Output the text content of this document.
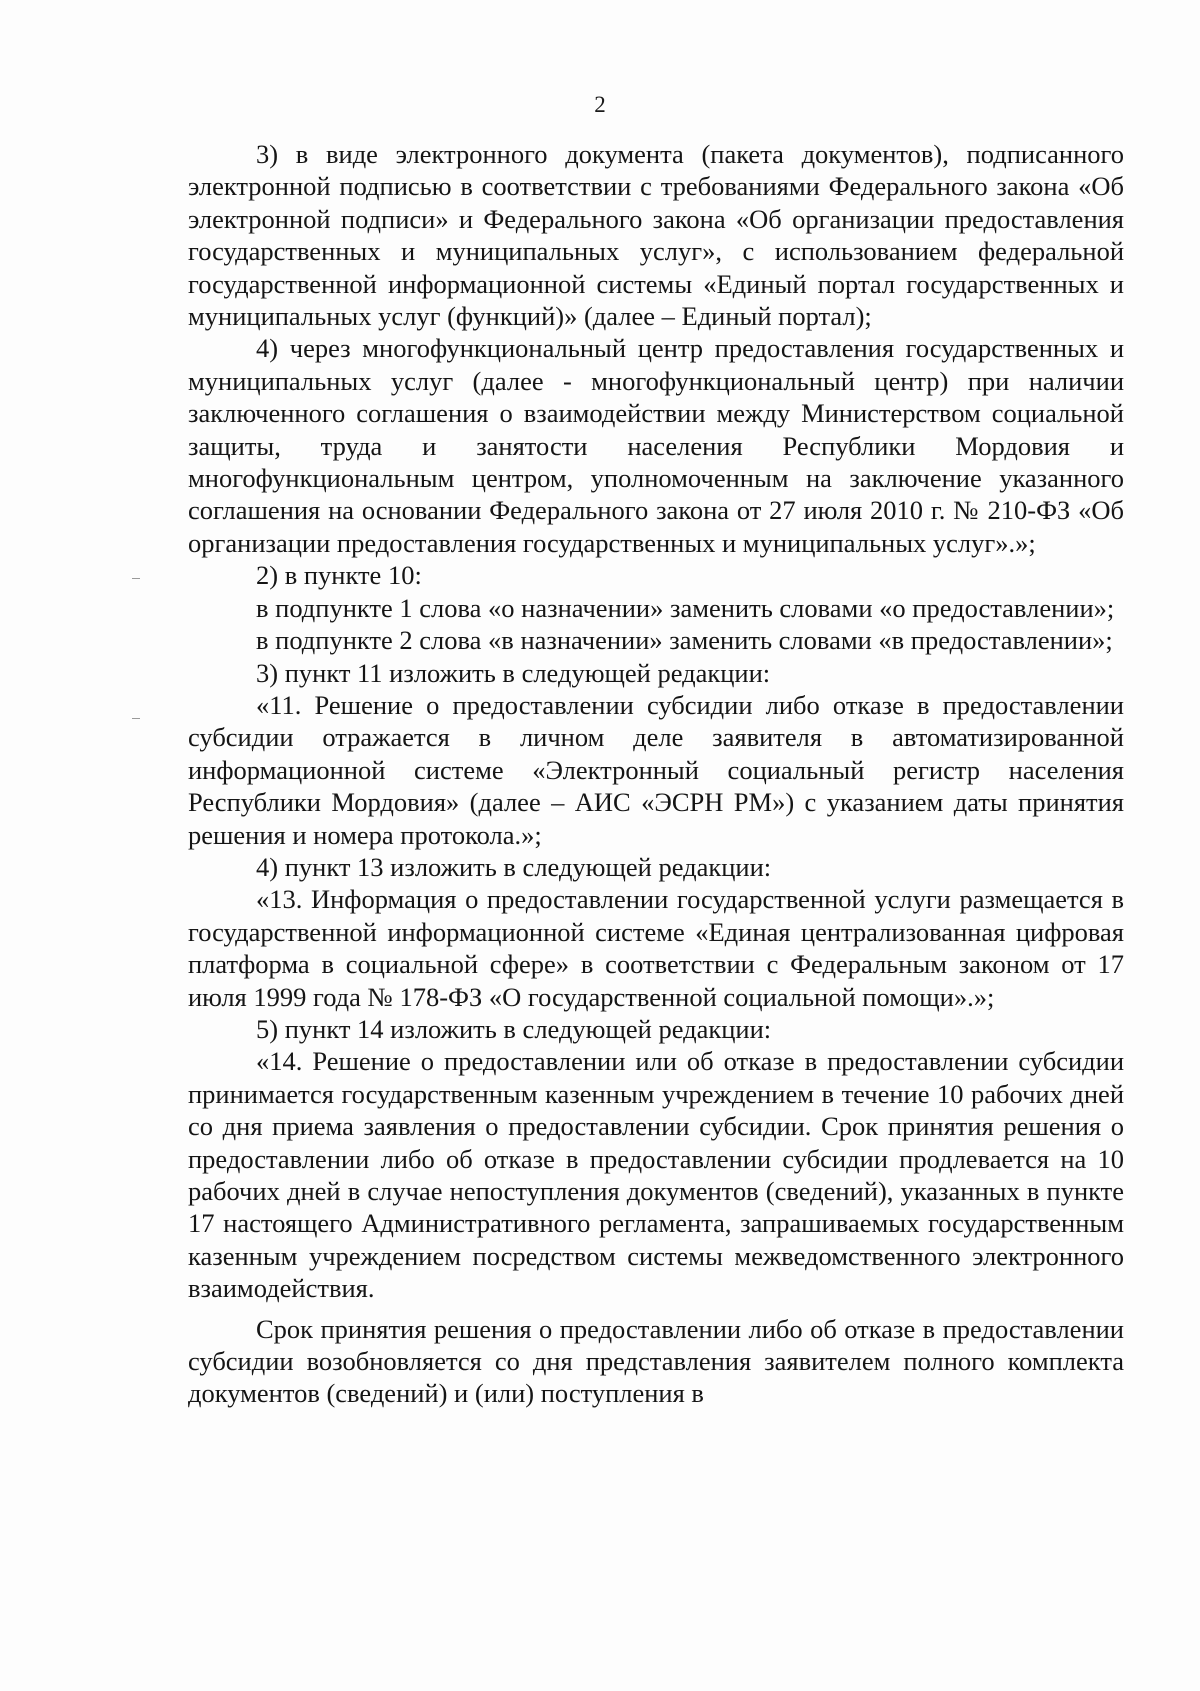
2

3) в виде электронного документа (пакета документов), подписанного электронной подписью в соответствии с требованиями Федерального закона «Об электронной подписи» и Федерального закона «Об организации предоставления государственных и муниципальных услуг», с использованием федеральной государственной информационной системы «Единый портал государственных и муниципальных услуг (функций)» (далее – Единый портал);

4) через многофункциональный центр предоставления государственных и муниципальных услуг (далее - многофункциональный центр) при наличии заключенного соглашения о взаимодействии между Министерством социальной защиты, труда и занятости населения Республики Мордовия и многофункциональным центром, уполномоченным на заключение указанного соглашения на основании Федерального закона от 27 июля 2010 г. № 210-ФЗ «Об организации предоставления государственных и муниципальных услуг».»;

2) в пункте 10:

в подпункте 1 слова «о назначении» заменить словами «о предоставлении»;

в подпункте 2 слова «в назначении» заменить словами «в предоставлении»;

3) пункт 11 изложить в следующей редакции:

«11. Решение о предоставлении субсидии либо отказе в предоставлении субсидии отражается в личном деле заявителя в автоматизированной информационной системе «Электронный социальный регистр населения Республики Мордовия» (далее – АИС «ЭСРН РМ») с указанием даты принятия решения и номера протокола.»;

4) пункт 13 изложить в следующей редакции:

«13. Информация о предоставлении государственной услуги размещается в государственной информационной системе «Единая централизованная цифровая платформа в социальной сфере» в соответствии с Федеральным законом от 17 июля 1999 года № 178-ФЗ «О государственной социальной помощи».»;

5) пункт 14 изложить в следующей редакции:

«14. Решение о предоставлении или об отказе в предоставлении субсидии принимается государственным казенным учреждением в течение 10 рабочих дней со дня приема заявления о предоставлении субсидии. Срок принятия решения о предоставлении либо об отказе в предоставлении субсидии продлевается на 10 рабочих дней в случае непоступления документов (сведений), указанных в пункте 17 настоящего Административного регламента, запрашиваемых государственным казенным учреждением посредством системы межведомственного электронного взаимодействия.

Срок принятия решения о предоставлении либо об отказе в предоставлении субсидии возобновляется со дня представления заявителем полного комплекта документов (сведений) и (или) поступления в
